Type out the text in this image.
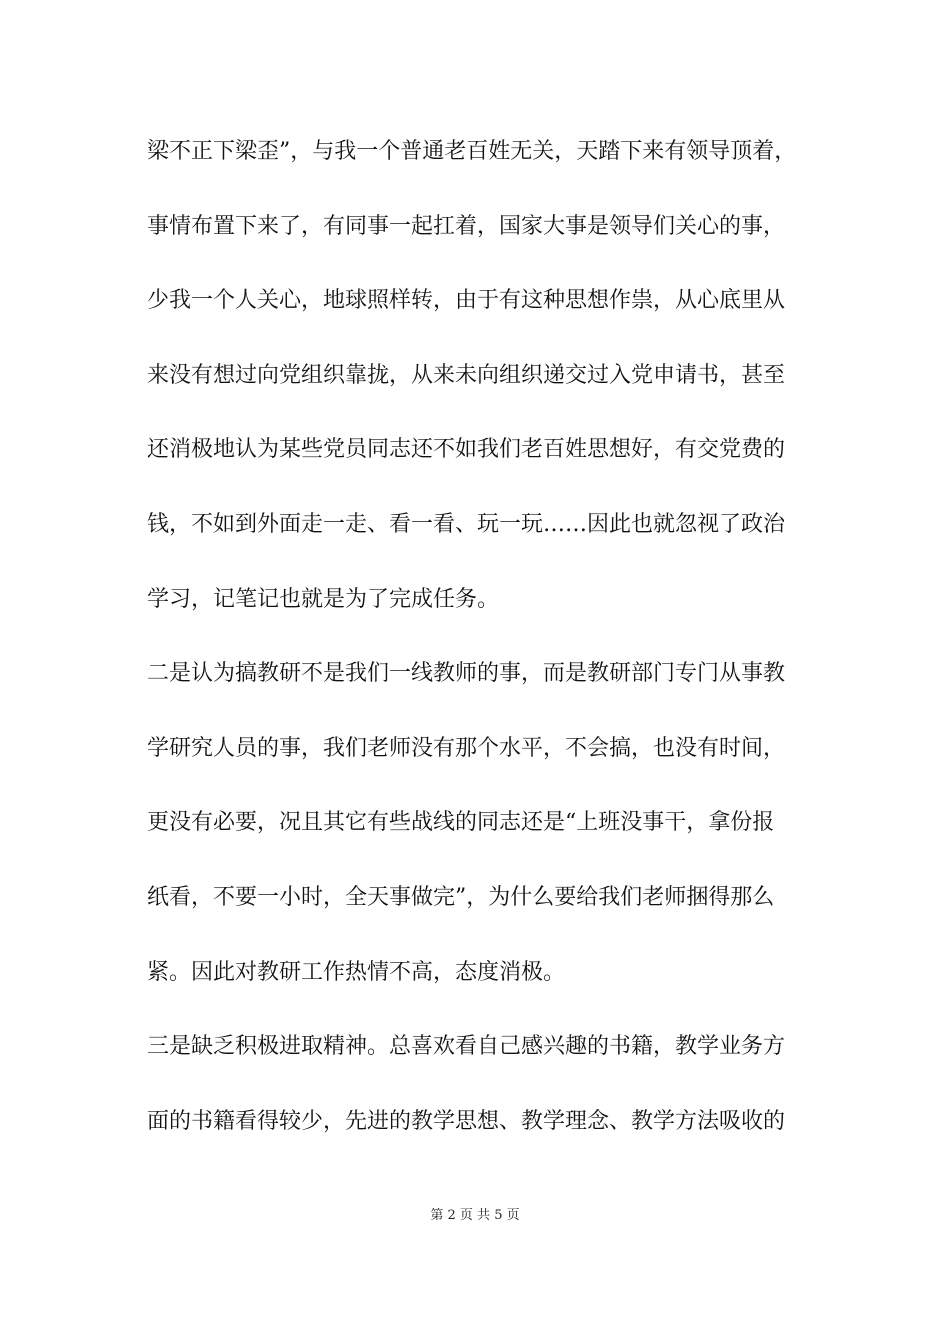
梁不正下梁歪”，与我一个普通老百姓无关，天踏下来有领导顶着，

事情布置下来了，有同事一起扛着，国家大事是领导们关心的事，

少我一个人关心，地球照样转，由于有这种思想作祟，从心底里从

来没有想过向党组织靠拢，从来未向组织递交过入党申请书，甚至

还消极地认为某些党员同志还不如我们老百姓思想好，有交党费的

钱，不如到外面走一走、看一看、玩一玩……因此也就忽视了政治

学习，记笔记也就是为了完成任务。

二是认为搞教研不是我们一线教师的事，而是教研部门专门从事教

学研究人员的事，我们老师没有那个水平，不会搞，也没有时间，

更没有必要，况且其它有些战线的同志还是“上班没事干，拿份报

纸看，不要一小时，全天事做完”，为什么要给我们老师捆得那么

紧。因此对教研工作热情不高，态度消极。

三是缺乏积极进取精神。总喜欢看自己感兴趣的书籍，教学业务方

面的书籍看得较少，先进的教学思想、教学理念、教学方法吸收的

第 2 页 共 5 页
